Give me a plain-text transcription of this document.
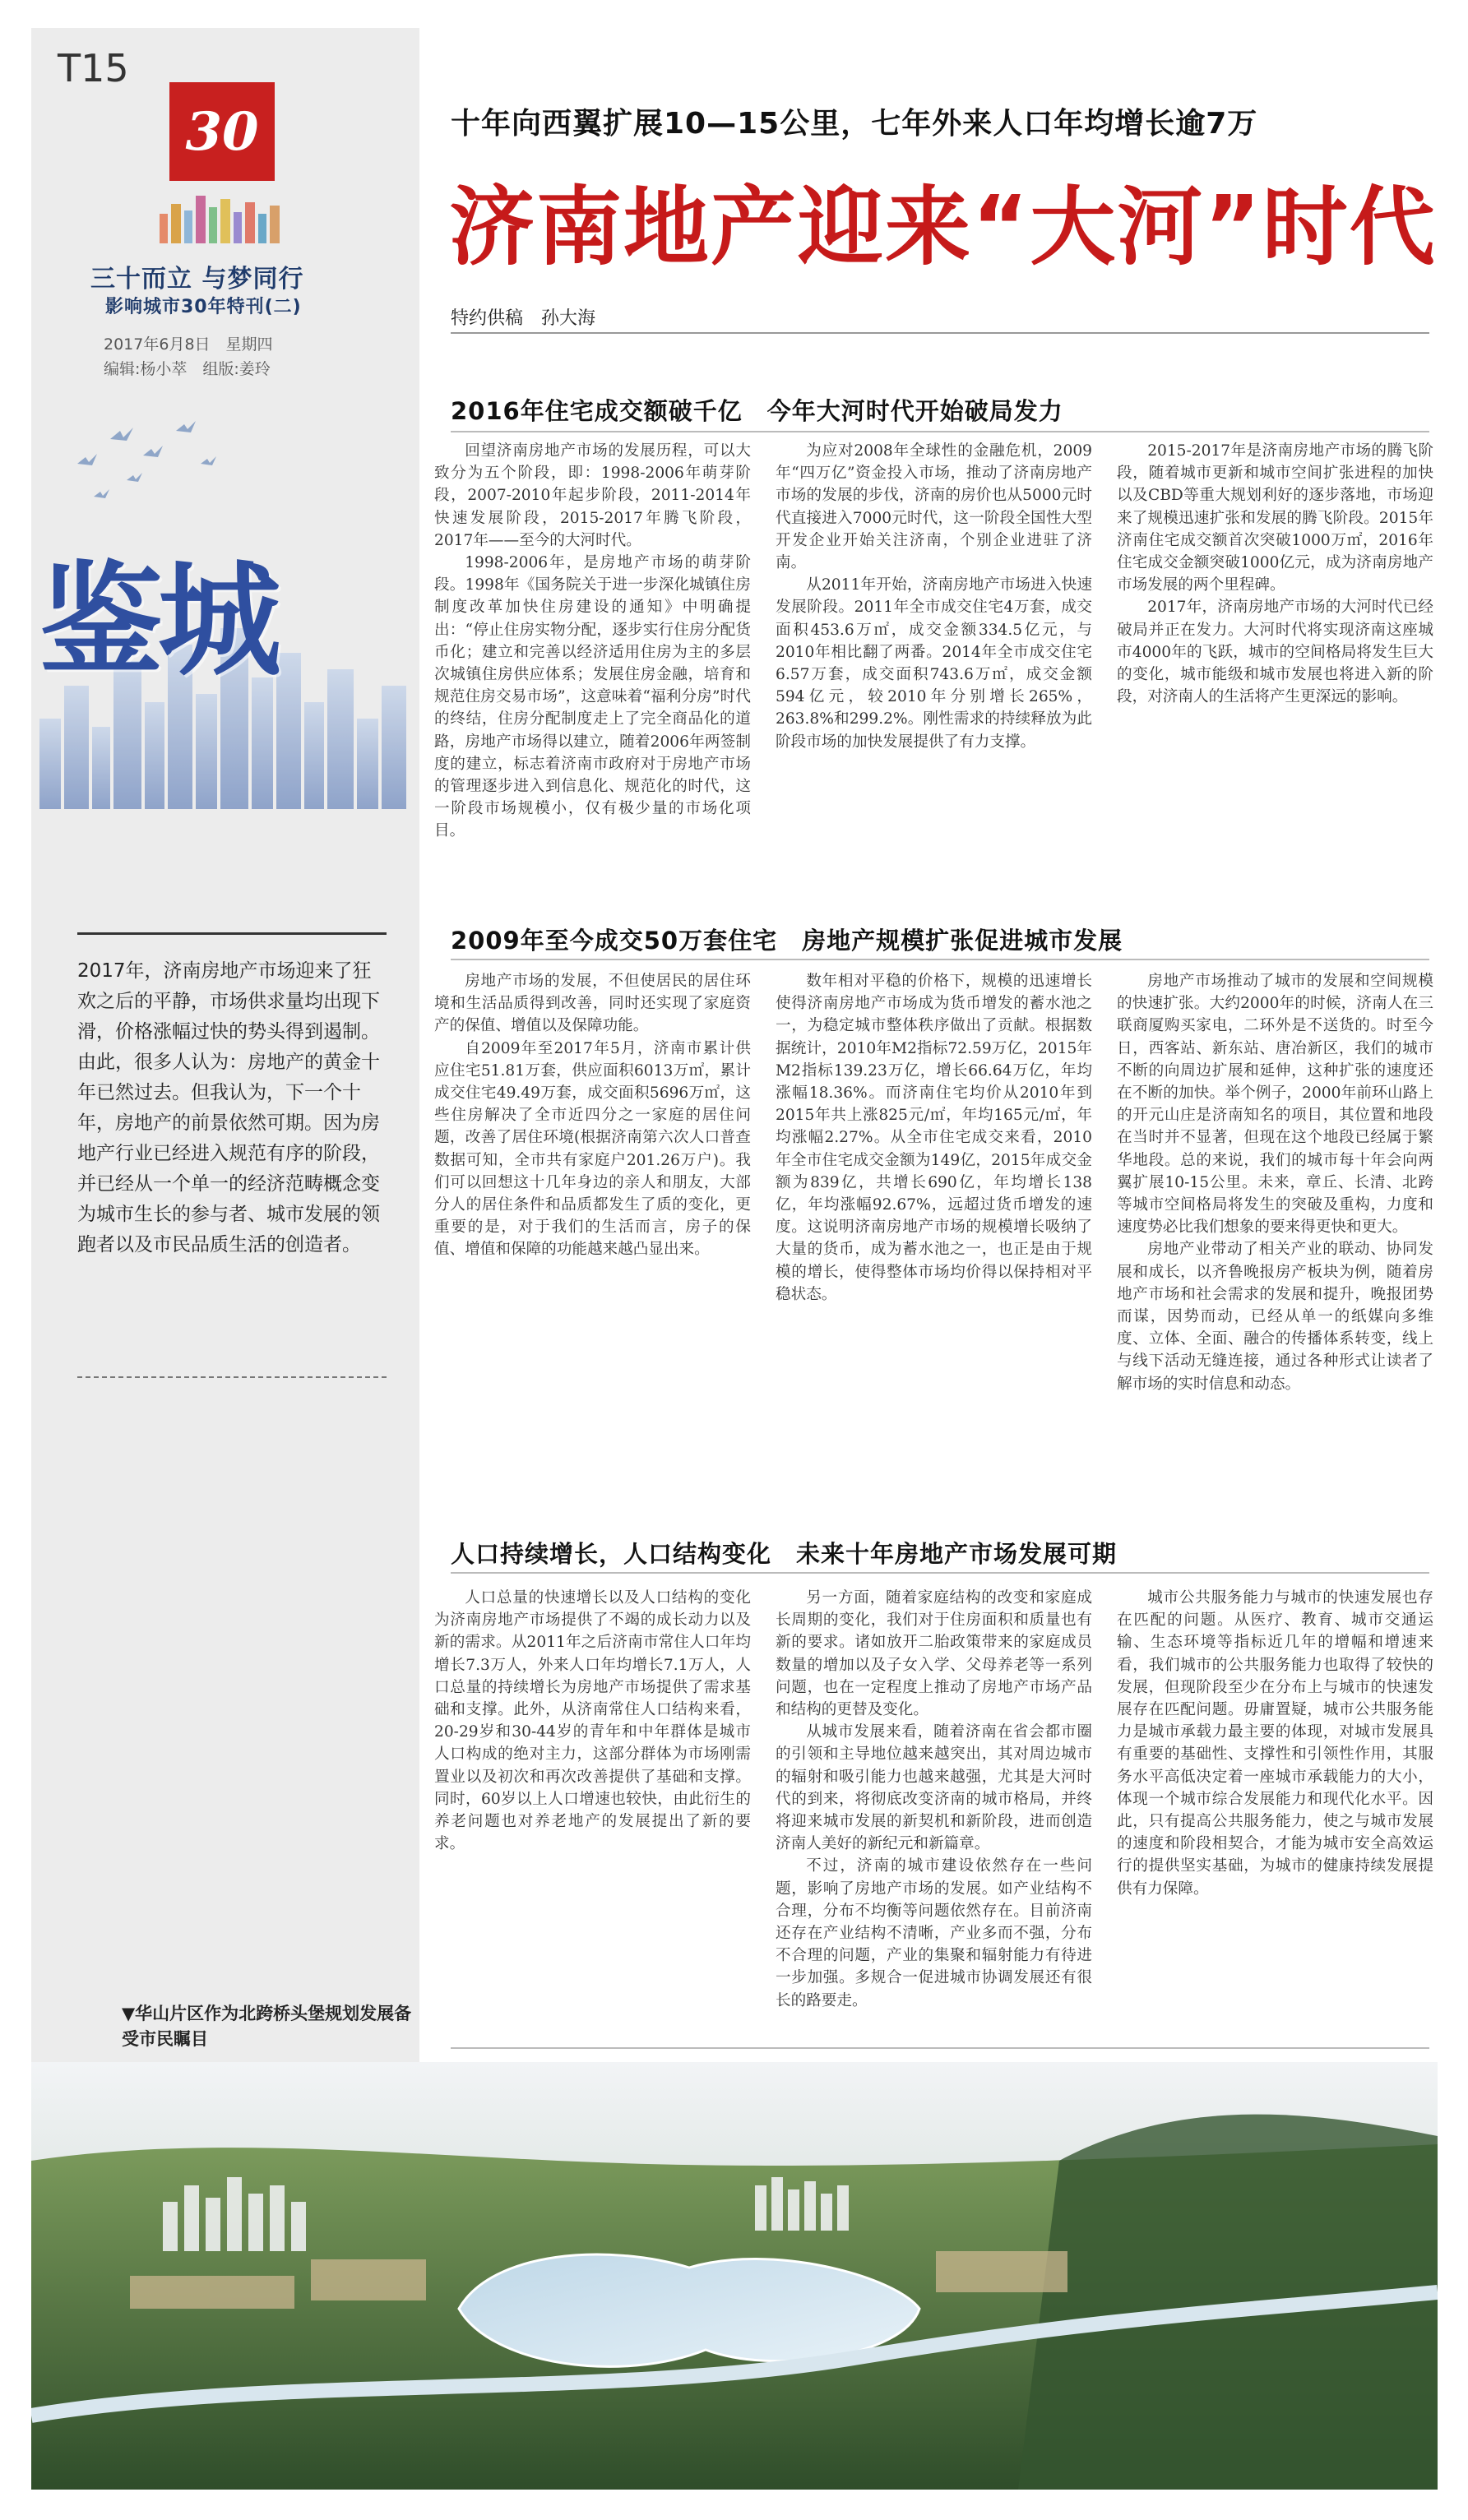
T15
30
三十而立 与梦同行
影响城市30年特刊(二)
2017年6月8日　星期四
编辑:杨小萃　组版:姜玲
鉴城
2017年，济南房地产市场迎来了狂欢之后的平静，市场供求量均出现下滑，价格涨幅过快的势头得到遏制。由此，很多人认为：房地产的黄金十年已然过去。但我认为，下一个十年，房地产的前景依然可期。因为房地产行业已经进入规范有序的阶段，并已经从一个单一的经济范畴概念变为城市生长的参与者、城市发展的领跑者以及市民品质生活的创造者。
▼华山片区作为北跨桥头堡规划发展备受市民瞩目
十年向西翼扩展10—15公里，七年外来人口年均增长逾7万
济南地产迎来“大河”时代
特约供稿　孙大海
2016年住宅成交额破千亿　今年大河时代开始破局发力

回望济南房地产市场的发展历程，可以大致分为五个阶段，即：1998-2006年萌芽阶段，2007-2010年起步阶段，2011-2014年快速发展阶段，2015-2017年腾飞阶段，2017年——至今的大河时代。

1998-2006年，是房地产市场的萌芽阶段。1998年《国务院关于进一步深化城镇住房制度改革加快住房建设的通知》中明确提出：“停止住房实物分配，逐步实行住房分配货币化；建立和完善以经济适用住房为主的多层次城镇住房供应体系；发展住房金融，培育和规范住房交易市场”，这意味着“福利分房”时代的终结，住房分配制度走上了完全商品化的道路，房地产市场得以建立，随着2006年两签制度的建立，标志着济南市政府对于房地产市场的管理逐步进入到信息化、规范化的时代，这一阶段市场规模小，仅有极少量的市场化项目。

为应对2008年全球性的金融危机，2009年“四万亿”资金投入市场，推动了济南房地产市场的发展的步伐，济南的房价也从5000元时代直接进入7000元时代，这一阶段全国性大型开发企业开始关注济南，个别企业进驻了济南。

从2011年开始，济南房地产市场进入快速发展阶段。2011年全市成交住宅4万套，成交面积453.6万㎡，成交金额334.5亿元，与2010年相比翻了两番。2014年全市成交住宅6.57万套，成交面积743.6万㎡，成交金额594亿元，较2010年分别增长265%，263.8%和299.2%。刚性需求的持续释放为此阶段市场的加快发展提供了有力支撑。

2015-2017年是济南房地产市场的腾飞阶段，随着城市更新和城市空间扩张进程的加快以及CBD等重大规划利好的逐步落地，市场迎来了规模迅速扩张和发展的腾飞阶段。2015年济南住宅成交额首次突破1000万㎡，2016年住宅成交金额突破1000亿元，成为济南房地产市场发展的两个里程碑。

2017年，济南房地产市场的大河时代已经破局并正在发力。大河时代将实现济南这座城市4000年的飞跃，城市的空间格局将发生巨大的变化，城市能级和城市发展也将进入新的阶段，对济南人的生活将产生更深远的影响。

2009年至今成交50万套住宅　房地产规模扩张促进城市发展

房地产市场的发展，不但使居民的居住环境和生活品质得到改善，同时还实现了家庭资产的保值、增值以及保障功能。

自2009年至2017年5月，济南市累计供应住宅51.81万套，供应面积6013万㎡，累计成交住宅49.49万套，成交面积5696万㎡，这些住房解决了全市近四分之一家庭的居住问题，改善了居住环境(根据济南第六次人口普查数据可知，全市共有家庭户201.26万户)。我们可以回想这十几年身边的亲人和朋友，大部分人的居住条件和品质都发生了质的变化，更重要的是，对于我们的生活而言，房子的保值、增值和保障的功能越来越凸显出来。

数年相对平稳的价格下，规模的迅速增长使得济南房地产市场成为货币增发的蓄水池之一，为稳定城市整体秩序做出了贡献。根据数据统计，2010年M2指标72.59万亿，2015年M2指标139.23万亿，增长66.64万亿，年均涨幅18.36%。而济南住宅均价从2010年到2015年共上涨825元/㎡，年均165元/㎡，年均涨幅2.27%。从全市住宅成交来看，2010年全市住宅成交金额为149亿，2015年成交金额为839亿，共增长690亿，年均增长138亿，年均涨幅92.67%，远超过货币增发的速度。这说明济南房地产市场的规模增长吸纳了大量的货币，成为蓄水池之一，也正是由于规模的增长，使得整体市场均价得以保持相对平稳状态。

房地产市场推动了城市的发展和空间规模的快速扩张。大约2000年的时候，济南人在三联商厦购买家电，二环外是不送货的。时至今日，西客站、新东站、唐冶新区，我们的城市不断的向周边扩展和延伸，这种扩张的速度还在不断的加快。举个例子，2000年前环山路上的开元山庄是济南知名的项目，其位置和地段在当时并不显著，但现在这个地段已经属于繁华地段。总的来说，我们的城市每十年会向两翼扩展10-15公里。未来，章丘、长清、北跨等城市空间格局将发生的突破及重构，力度和速度势必比我们想象的要来得更快和更大。

房地产业带动了相关产业的联动、协同发展和成长，以齐鲁晚报房产板块为例，随着房地产市场和社会需求的发展和提升，晚报团势而谋，因势而动，已经从单一的纸媒向多维度、立体、全面、融合的传播体系转变，线上与线下活动无缝连接，通过各种形式让读者了解市场的实时信息和动态。

人口持续增长，人口结构变化　未来十年房地产市场发展可期

人口总量的快速增长以及人口结构的变化为济南房地产市场提供了不竭的成长动力以及新的需求。从2011年之后济南市常住人口年均增长7.3万人，外来人口年均增长7.1万人，人口总量的持续增长为房地产市场提供了需求基础和支撑。此外，从济南常住人口结构来看，20-29岁和30-44岁的青年和中年群体是城市人口构成的绝对主力，这部分群体为市场刚需置业以及初次和再次改善提供了基础和支撑。同时，60岁以上人口增速也较快，由此衍生的养老问题也对养老地产的发展提出了新的要求。

另一方面，随着家庭结构的改变和家庭成长周期的变化，我们对于住房面积和质量也有新的要求。诸如放开二胎政策带来的家庭成员数量的增加以及子女入学、父母养老等一系列问题，也在一定程度上推动了房地产市场产品和结构的更替及变化。

从城市发展来看，随着济南在省会都市圈的引领和主导地位越来越突出，其对周边城市的辐射和吸引能力也越来越强，尤其是大河时代的到来，将彻底改变济南的城市格局，并终将迎来城市发展的新契机和新阶段，进而创造济南人美好的新纪元和新篇章。

不过，济南的城市建设依然存在一些问题，影响了房地产市场的发展。如产业结构不合理，分布不均衡等问题依然存在。目前济南还存在产业结构不清晰，产业多而不强，分布不合理的问题，产业的集聚和辐射能力有待进一步加强。多规合一促进城市协调发展还有很长的路要走。

城市公共服务能力与城市的快速发展也存在匹配的问题。从医疗、教育、城市交通运输、生态环境等指标近几年的增幅和增速来看，我们城市的公共服务能力也取得了较快的发展，但现阶段至少在分布上与城市的快速发展存在匹配问题。毋庸置疑，城市公共服务能力是城市承载力最主要的体现，对城市发展具有重要的基础性、支撑性和引领性作用，其服务水平高低决定着一座城市承载能力的大小，体现一个城市综合发展能力和现代化水平。因此，只有提高公共服务能力，使之与城市发展的速度和阶段相契合，才能为城市安全高效运行的提供坚实基础，为城市的健康持续发展提供有力保障。
